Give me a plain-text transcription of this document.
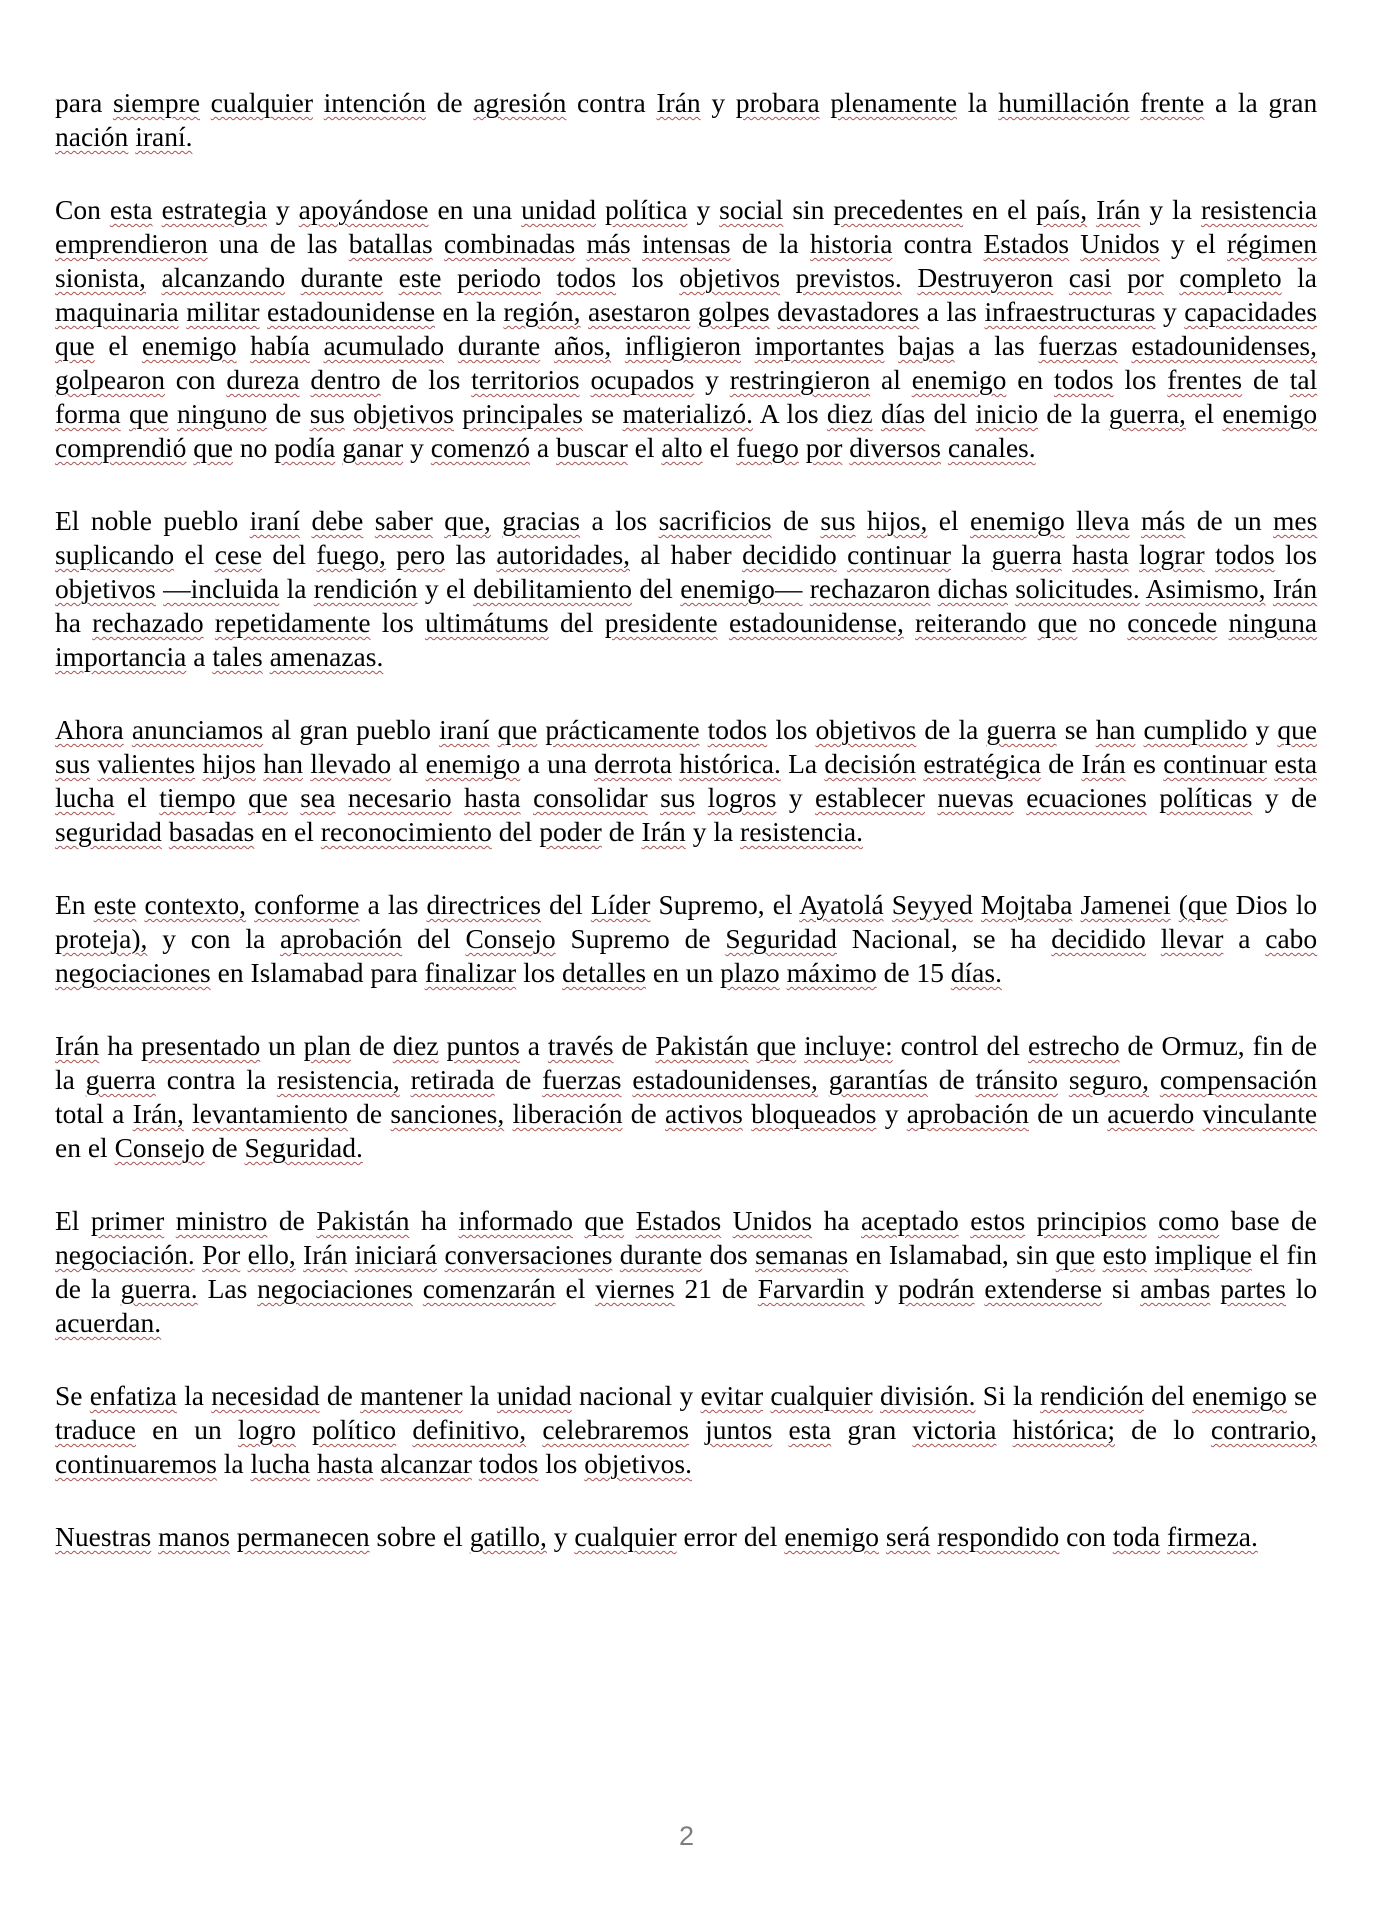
para siempre cualquier intención de agresión contra Irán y probara plenamente la humillación frente a la gran nación iraní.

Con esta estrategia y apoyándose en una unidad política y social sin precedentes en el país, Irán y la resistencia emprendieron una de las batallas combinadas más intensas de la historia contra Estados Unidos y el régimen sionista, alcanzando durante este periodo todos los objetivos previstos. Destruyeron casi por completo la maquinaria militar estadounidense en la región, asestaron golpes devastadores a las infraestructuras y capacidades que el enemigo había acumulado durante años, infligieron importantes bajas a las fuerzas estadounidenses, golpearon con dureza dentro de los territorios ocupados y restringieron al enemigo en todos los frentes de tal forma que ninguno de sus objetivos principales se materializó. A los diez días del inicio de la guerra, el enemigo comprendió que no podía ganar y comenzó a buscar el alto el fuego por diversos canales.

El noble pueblo iraní debe saber que, gracias a los sacrificios de sus hijos, el enemigo lleva más de un mes suplicando el cese del fuego, pero las autoridades, al haber decidido continuar la guerra hasta lograr todos los objetivos —incluida la rendición y el debilitamiento del enemigo— rechazaron dichas solicitudes. Asimismo, Irán ha rechazado repetidamente los ultimátums del presidente estadounidense, reiterando que no concede ninguna importancia a tales amenazas.

Ahora anunciamos al gran pueblo iraní que prácticamente todos los objetivos de la guerra se han cumplido y que sus valientes hijos han llevado al enemigo a una derrota histórica. La decisión estratégica de Irán es continuar esta lucha el tiempo que sea necesario hasta consolidar sus logros y establecer nuevas ecuaciones políticas y de seguridad basadas en el reconocimiento del poder de Irán y la resistencia.

En este contexto, conforme a las directrices del Líder Supremo, el Ayatolá Seyyed Mojtaba Jamenei (que Dios lo proteja), y con la aprobación del Consejo Supremo de Seguridad Nacional, se ha decidido llevar a cabo negociaciones en Islamabad para finalizar los detalles en un plazo máximo de 15 días.

Irán ha presentado un plan de diez puntos a través de Pakistán que incluye: control del estrecho de Ormuz, fin de la guerra contra la resistencia, retirada de fuerzas estadounidenses, garantías de tránsito seguro, compensación total a Irán, levantamiento de sanciones, liberación de activos bloqueados y aprobación de un acuerdo vinculante en el Consejo de Seguridad.

El primer ministro de Pakistán ha informado que Estados Unidos ha aceptado estos principios como base de negociación. Por ello, Irán iniciará conversaciones durante dos semanas en Islamabad, sin que esto implique el fin de la guerra. Las negociaciones comenzarán el viernes 21 de Farvardin y podrán extenderse si ambas partes lo acuerdan.

Se enfatiza la necesidad de mantener la unidad nacional y evitar cualquier división. Si la rendición del enemigo se traduce en un logro político definitivo, celebraremos juntos esta gran victoria histórica; de lo contrario, continuaremos la lucha hasta alcanzar todos los objetivos.

Nuestras manos permanecen sobre el gatillo, y cualquier error del enemigo será respondido con toda firmeza.

2
